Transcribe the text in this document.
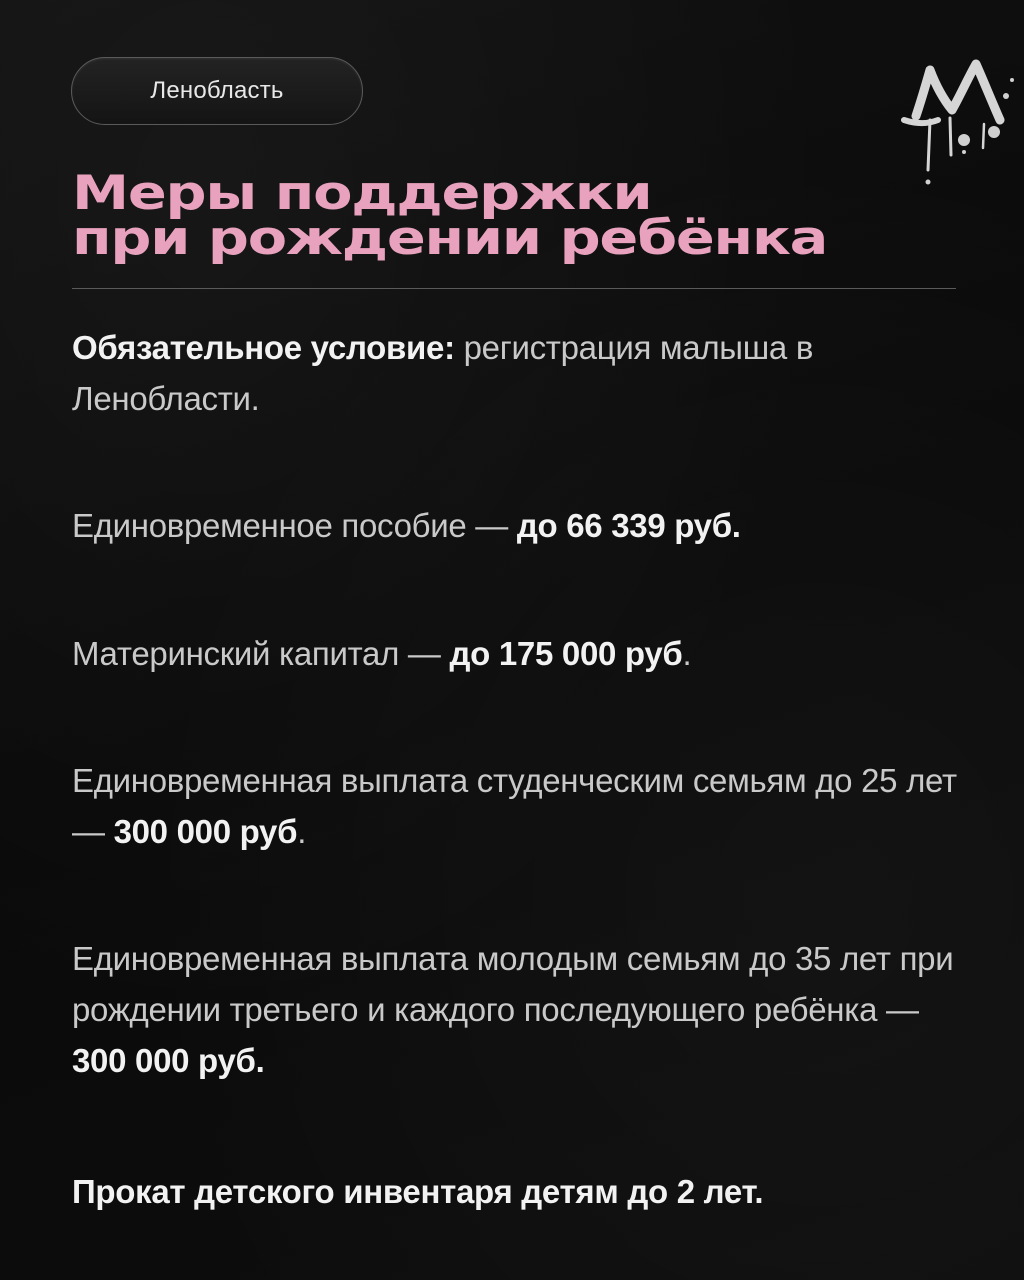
Ленобласть
Меры поддержки
при рождении ребёнка

Обязательное условие: регистрация малыша в Ленобласти.

Единовременное пособие — до 66 339 руб.

Материнский капитал — до 175 000 руб.

Единовременная выплата студенческим семьям до 25 лет — 300 000 руб.

Единовременная выплата молодым семьям до 35 лет при рождении третьего и каждого последующего ребёнка — 300 000 руб.

Прокат детского инвентаря детям до 2 лет.
